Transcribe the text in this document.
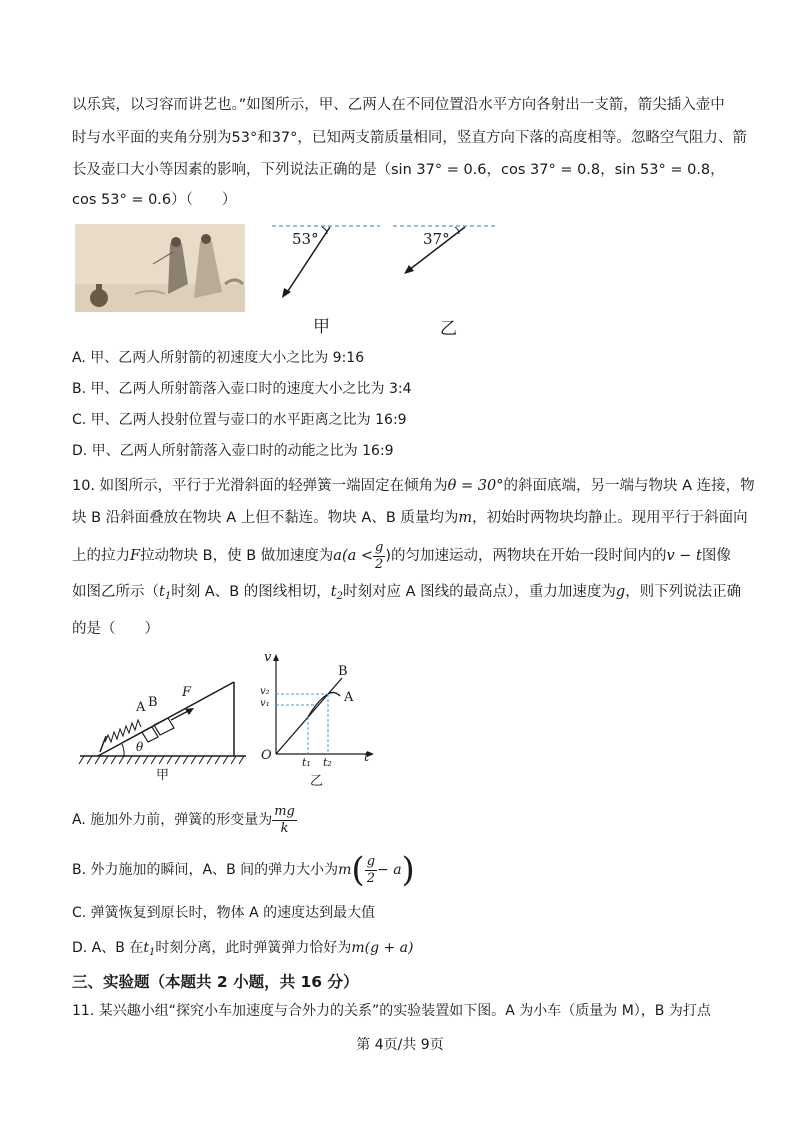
以乐宾，以习容而讲艺也。”如图所示，甲、乙两人在不同位置沿水平方向各射出一支箭，箭尖插入壶中
时与水平面的夹角分别为53°和37°，已知两支箭质量相同，竖直方向下落的高度相等。忽略空气阻力、箭
长及壶口大小等因素的影响，下列说法正确的是（sin 37° = 0.6，cos 37° = 0.8，sin 53° = 0.8，
cos 53° = 0.6）（　　）
53°	37°
甲	乙
A. 甲、乙两人所射箭的初速度大小之比为 9:16
B. 甲、乙两人所射箭落入壶口时的速度大小之比为 3:4
C. 甲、乙两人投射位置与壶口的水平距离之比为 16:9
D. 甲、乙两人所射箭落入壶口时的动能之比为 16:9
10. 如图所示，平行于光滑斜面的轻弹簧一端固定在倾角为θ = 30°的斜面底端，另一端与物块 A 连接，物
块 B 沿斜面叠放在物块 A 上但不黏连。物块 A、B 质量均为m，初始时两物块均静止。现用平行于斜面向
上的拉力F拉动物块 B，使 B 做加速度为$a(a < \frac{g}{2}$ )的匀加速运动，两物块在开始一段时间内的v − t图像
如图乙所示（$t_1$时刻 A、B 的图线相切，$t_2$时刻对应 A 图线的最高点），重力加速度为g，则下列说法正确
的是（　　）
A B
F
θ
甲
v
O	t
v₂
v₁
t₁ t₂
B
A
乙
A. 施加外力前，弹簧的形变量为 $\frac{mg}{k}$
B. 外力施加的瞬间，A、B 间的弹力大小为$m( \frac{g}{2} - a)$
C. 弹簧恢复到原长时，物体 A 的速度达到最大值
D. A、B 在$t_1$时刻分离，此时弹簧弹力恰好为m(g + a)
三、实验题（本题共 2 小题，共 16 分）
11. 某兴趣小组“探究小车加速度与合外力的关系”的实验装置如下图。A 为小车（质量为 M），B 为打点
第 4页/共 9页
